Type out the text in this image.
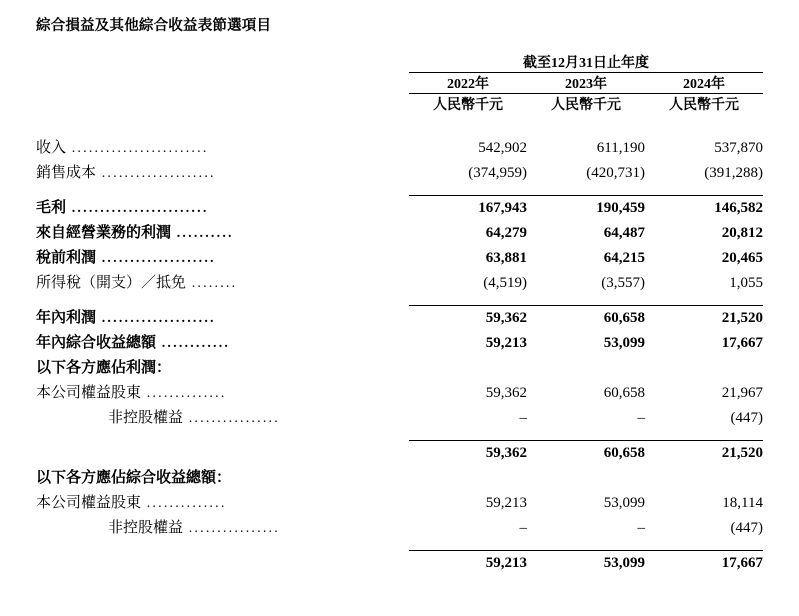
綜合損益及其他綜合收益表節選項目
	截至12月31日止年度		
	2022年	2023年	2024年
	人民幣千元	人民幣千元	人民幣千元

收入 ........................	542,902	611,190	537,870
銷售成本 ....................	(374,959)	(420,731)	(391,288)

毛利 ........................	167,943	190,459	146,582
來自經營業務的利潤 ..........	64,279	64,487	20,812
稅前利潤 ....................	63,881	64,215	20,465
所得稅（開支）／抵免 ........	(4,519)	(3,557)	1,055

年內利潤 ....................	59,362	60,658	21,520
年內綜合收益總額 ............	59,213	53,099	17,667
以下各方應佔利潤：			
本公司權益股東 ..............	59,362	60,658	21,967
非控股權益 ................	–	–	(447)

	59,362	60,658	21,520
以下各方應佔綜合收益總額：			
本公司權益股東 ..............	59,213	53,099	18,114
非控股權益 ................	–	–	(447)

	59,213	53,099	17,667
